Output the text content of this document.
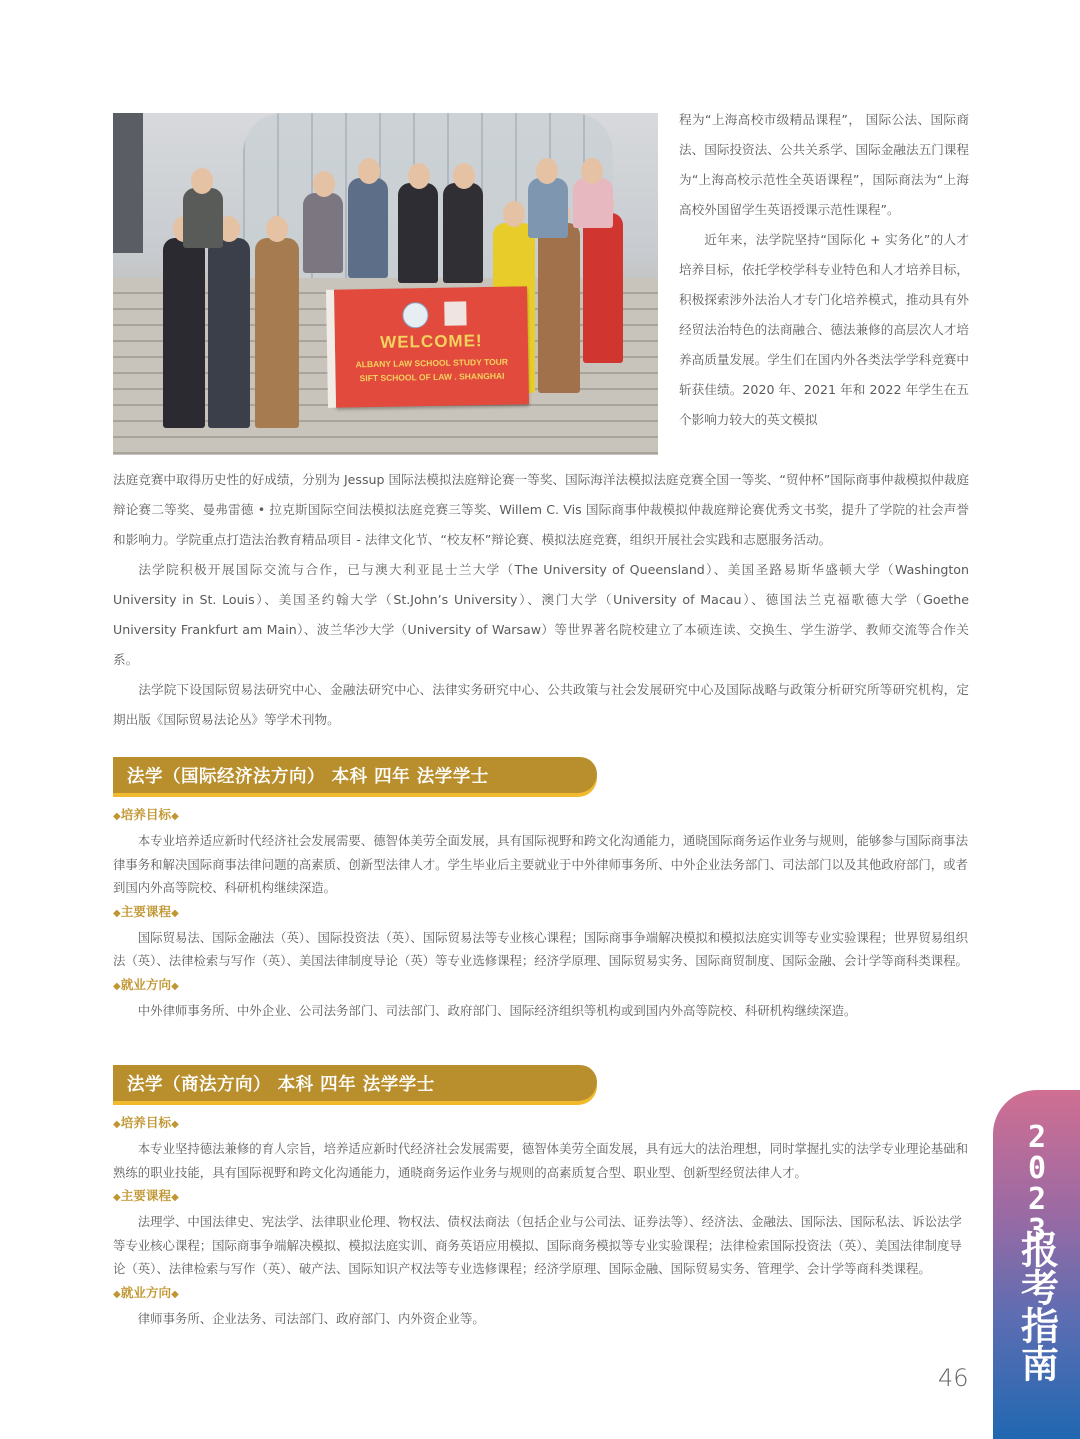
WELCOME!
ALBANY LAW SCHOOL STUDY TOUR
SIFT SCHOOL OF LAW . SHANGHAI

程为“上海高校市级精品课程”， 国际公法、国际商法、国际投资法、公共关系学、国际金融法五门课程为“上海高校示范性全英语课程”，国际商法为“上海高校外国留学生英语授课示范性课程”。

近年来，法学院坚持“国际化 + 实务化”的人才培养目标，依托学校学科专业特色和人才培养目标，积极探索涉外法治人才专门化培养模式，推动具有外经贸法治特色的法商融合、德法兼修的高层次人才培养高质量发展。学生们在国内外各类法学学科竞赛中斩获佳绩。2020 年、2021 年和 2022 年学生在五个影响力较大的英文模拟

法庭竞赛中取得历史性的好成绩，分别为 Jessup 国际法模拟法庭辩论赛一等奖、国际海洋法模拟法庭竞赛全国一等奖、“贸仲杯”国际商事仲裁模拟仲裁庭辩论赛二等奖、曼弗雷德 • 拉克斯国际空间法模拟法庭竞赛三等奖、Willem C. Vis 国际商事仲裁模拟仲裁庭辩论赛优秀文书奖，提升了学院的社会声誉和影响力。学院重点打造法治教育精品项目 - 法律文化节、“校友杯”辩论赛、模拟法庭竞赛，组织开展社会实践和志愿服务活动。

法学院积极开展国际交流与合作，已与澳大利亚昆士兰大学（The University of Queensland）、美国圣路易斯华盛顿大学（Washington University in St. Louis）、美国圣约翰大学（St.John’s University）、澳门大学（University of Macau）、德国法兰克福歌德大学（Goethe University Frankfurt am Main）、波兰华沙大学（University of Warsaw）等世界著名院校建立了本硕连读、交换生、学生游学、教师交流等合作关系。

法学院下设国际贸易法研究中心、金融法研究中心、法律实务研究中心、公共政策与社会发展研究中心及国际战略与政策分析研究所等研究机构，定期出版《国际贸易法论丛》等学术刊物。

法学（国际经济法方向） 本科 四年 法学学士
◆培养目标◆

本专业培养适应新时代经济社会发展需要、德智体美劳全面发展，具有国际视野和跨文化沟通能力，通晓国际商务运作业务与规则，能够参与国际商事法律事务和解决国际商事法律问题的高素质、创新型法律人才。学生毕业后主要就业于中外律师事务所、中外企业法务部门、司法部门以及其他政府部门，或者到国内外高等院校、科研机构继续深造。

◆主要课程◆

国际贸易法、国际金融法（英）、国际投资法（英）、国际贸易法等专业核心课程；国际商事争端解决模拟和模拟法庭实训等专业实验课程；世界贸易组织法（英）、法律检索与写作（英）、美国法律制度导论（英）等专业选修课程；经济学原理、国际贸易实务、国际商贸制度、国际金融、会计学等商科类课程。

◆就业方向◆

中外律师事务所、中外企业、公司法务部门、司法部门、政府部门、国际经济组织等机构或到国内外高等院校、科研机构继续深造。

法学（商法方向） 本科 四年 法学学士
◆培养目标◆

本专业坚持德法兼修的育人宗旨，培养适应新时代经济社会发展需要，德智体美劳全面发展，具有远大的法治理想，同时掌握扎实的法学专业理论基础和熟练的职业技能，具有国际视野和跨文化沟通能力，通晓商务运作业务与规则的高素质复合型、职业型、创新型经贸法律人才。

◆主要课程◆

法理学、中国法律史、宪法学、法律职业伦理、物权法、债权法商法（包括企业与公司法、证券法等）、经济法、金融法、国际法、国际私法、诉讼法学等专业核心课程；国际商事争端解决模拟、模拟法庭实训、商务英语应用模拟、国际商务模拟等专业实验课程；法律检索国际投资法（英）、美国法律制度导论（英）、法律检索与写作（英）、破产法、国际知识产权法等专业选修课程；经济学原理、国际金融、国际贸易实务、管理学、会计学等商科类课程。

◆就业方向◆

律师事务所、企业法务、司法部门、政府部门、内外资企业等。

2023
报考指南
46
